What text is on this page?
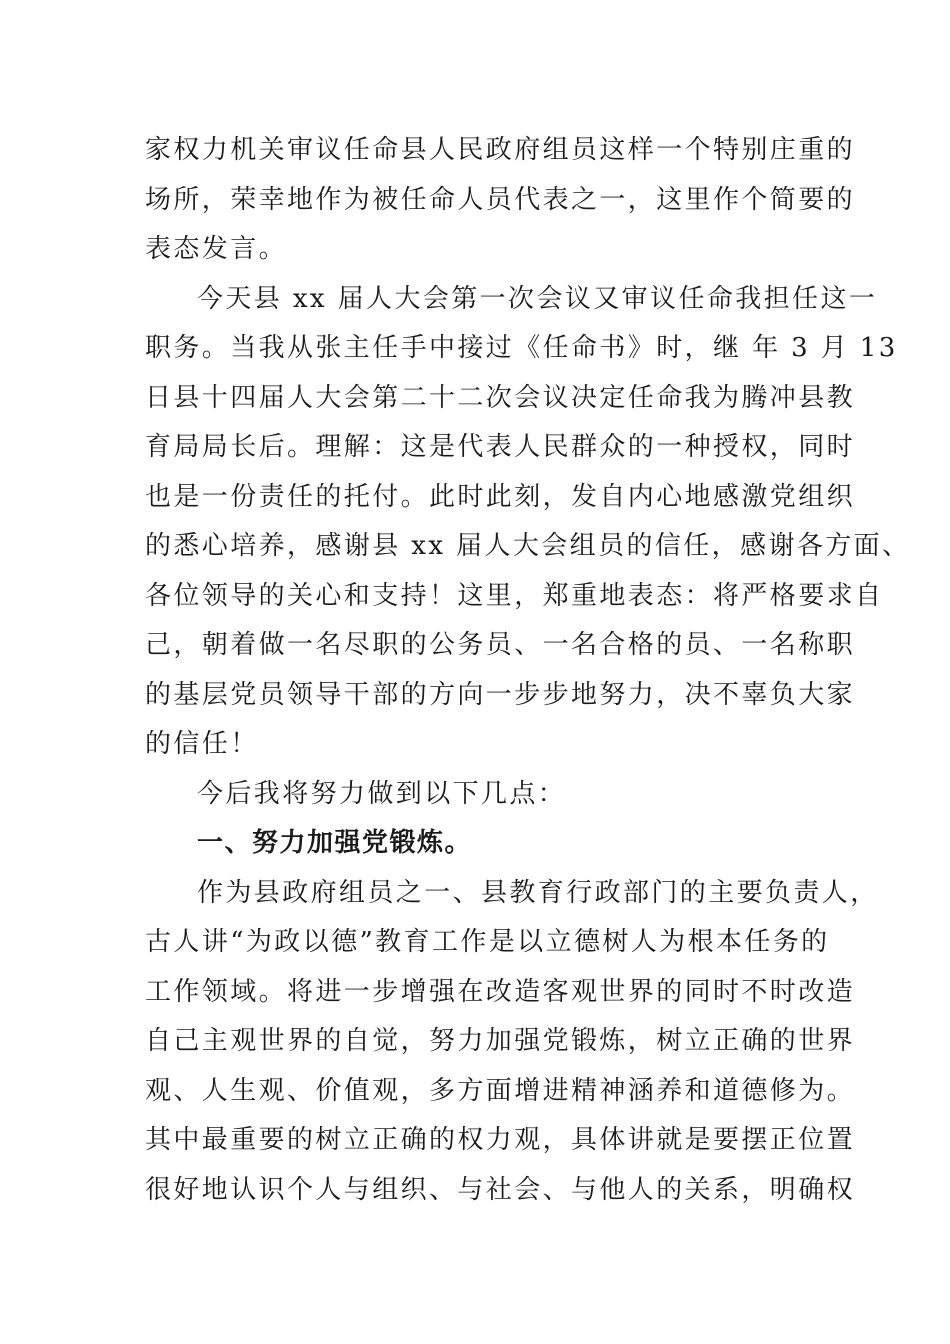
家权力机关审议任命县人民政府组员这样一个特别庄重的
场所，荣幸地作为被任命人员代表之一，这里作个简要的
表态发言。
今天县 xx 届人大会第一次会议又审议任命我担任这一
职务。当我从张主任手中接过《任命书》时，继 年 3 月 13
日县十四届人大会第二十二次会议决定任命我为腾冲县教
育局局长后。理解：这是代表人民群众的一种授权，同时
也是一份责任的托付。此时此刻，发自内心地感激党组织
的悉心培养，感谢县 xx 届人大会组员的信任，感谢各方面、
各位领导的关心和支持！这里，郑重地表态：将严格要求自
己，朝着做一名尽职的公务员、一名合格的员、一名称职
的基层党员领导干部的方向一步步地努力，决不辜负大家
的信任！
今后我将努力做到以下几点：
一、努力加强党锻炼。
作为县政府组员之一、县教育行政部门的主要负责人，
古人讲“为政以德”教育工作是以立德树人为根本任务的
工作领域。将进一步增强在改造客观世界的同时不时改造
自己主观世界的自觉，努力加强党锻炼，树立正确的世界
观、人生观、价值观，多方面增进精神涵养和道德修为。
其中最重要的树立正确的权力观，具体讲就是要摆正位置
很好地认识个人与组织、与社会、与他人的关系，明确权
